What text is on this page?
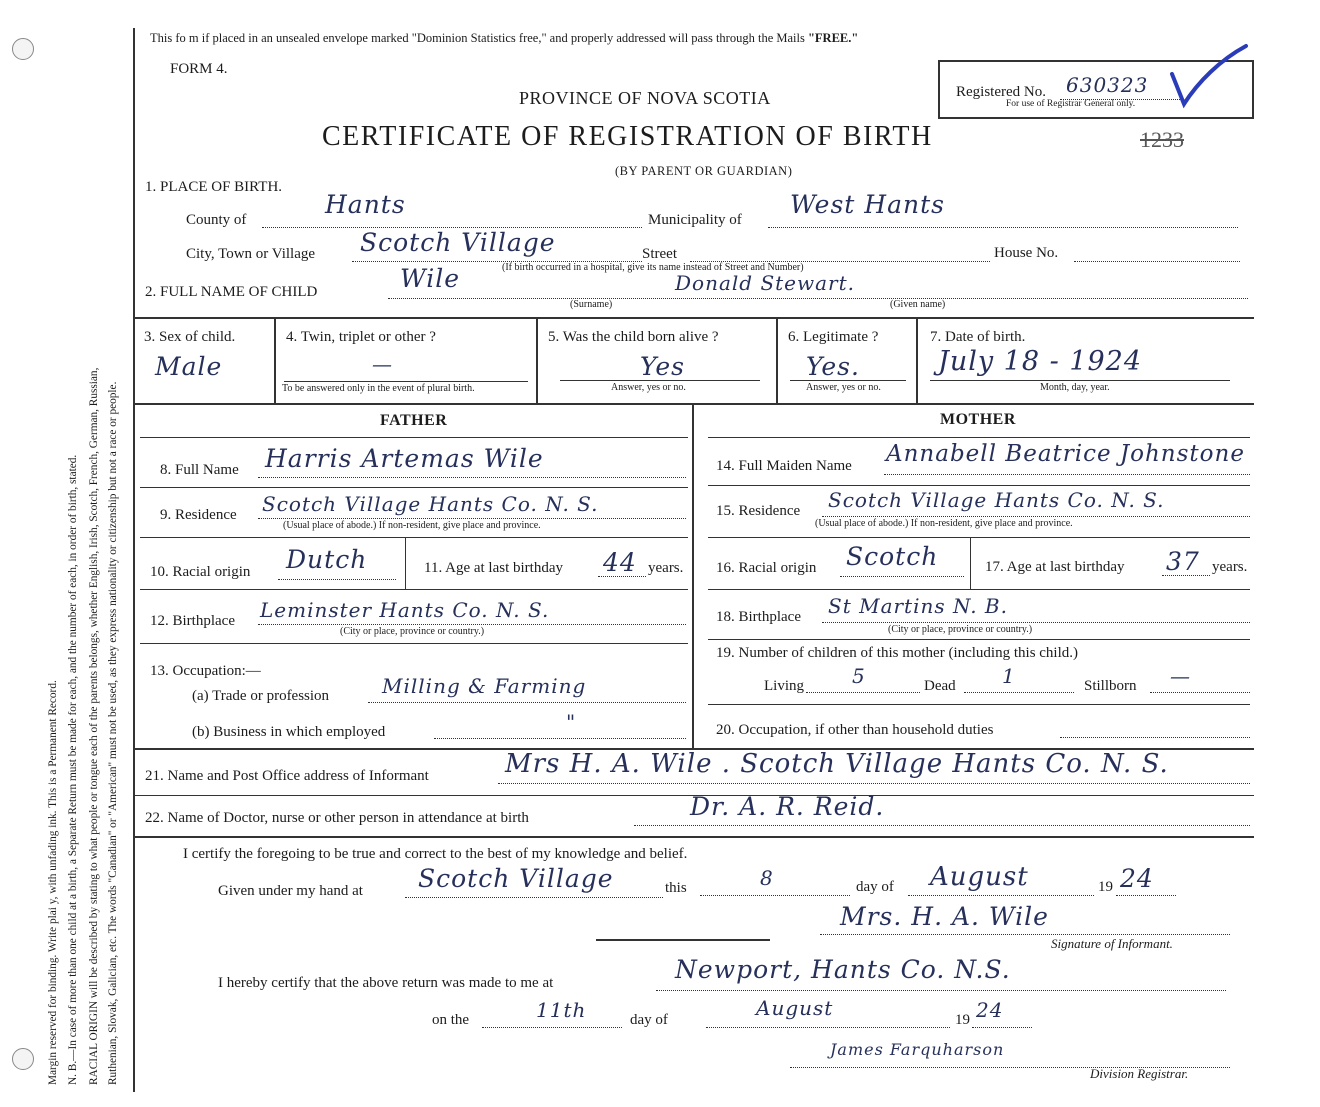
Margin reserved for binding. Write plai y, with unfading ink. This is a Permanent Record. N. B.—In case of more than one child at a birth, a Separate Return must be made for each, and the number of each, in order of birth, stated. RACIAL ORIGIN will be described by stating to what people or tongue each of the parents belongs, whether English, Irish, Scotch, French, German, Russian, Ruthenian, Slovak, Galician, etc. The words "Canadian" or "American" must not be used, as they express nationality or citizenship but not a race or people.
This fo m if placed in an unsealed envelope marked "Dominion Statistics free," and properly addressed will pass through the Mails "FREE."
FORM 4.
PROVINCE OF NOVA SCOTIA
CERTIFICATE OF REGISTRATION OF BIRTH
(BY PARENT OR GUARDIAN)
Registered No. 630323
For use of Registrar General only.
1233
1. PLACE OF BIRTH.
County of
Hants
Municipality of
West Hants
City, Town or Village Scotch Village	Street	House No.
(If birth occurred in a hospital, give its name instead of Street and Number)
2. FULL NAME OF CHILD	Wile	Donald Stewart.
(Surname)	(Given name)
3. Sex of child.
Male
4. Twin, triplet or other ?
—
To be answered only in the event of plural birth.
5. Was the child born alive ?
Yes
Answer, yes or no.
6. Legitimate ?
Yes.
Answer, yes or no.
7. Date of birth.
July 18 - 1924
Month, day, year.
FATHER	MOTHER
8. Full Name Harris Artemas Wile
9. Residence Scotch Village Hants Co. N. S.
(Usual place of abode.) If non-resident, give place and province.
10. Racial origin Dutch	11. Age at last birthday 44 years.
12. Birthplace Leminster Hants Co. N. S.
(City or place, province or country.)
13. Occupation:—
(a) Trade or profession	Milling & Farming
(b) Business in which employed	"
14. Full Maiden Name Annabell Beatrice Johnstone
15. Residence Scotch Village Hants Co. N. S.
(Usual place of abode.) If non-resident, give place and province.
16. Racial origin Scotch	17. Age at last birthday 37 years.
18. Birthplace St Martins N. B.
(City or place, province or country.)
19. Number of children of this mother (including this child.)
Living 5	Dead 1	Stillborn —
20. Occupation, if other than household duties
21. Name and Post Office address of Informant	Mrs H. A. Wile . Scotch Village Hants Co. N. S.
22. Name of Doctor, nurse or other person in attendance at birth	Dr. A. R. Reid.
I certify the foregoing to be true and correct to the best of my knowledge and belief.
Given under my hand at Scotch Village	this	8	day of August	19 24
Mrs. H. A. Wile
Signature of Informant.
I hereby certify that the above return was made to me at	Newport, Hants Co. N.S.
on the	11th	day of	August	19 24
James Farquharson
Division Registrar.
